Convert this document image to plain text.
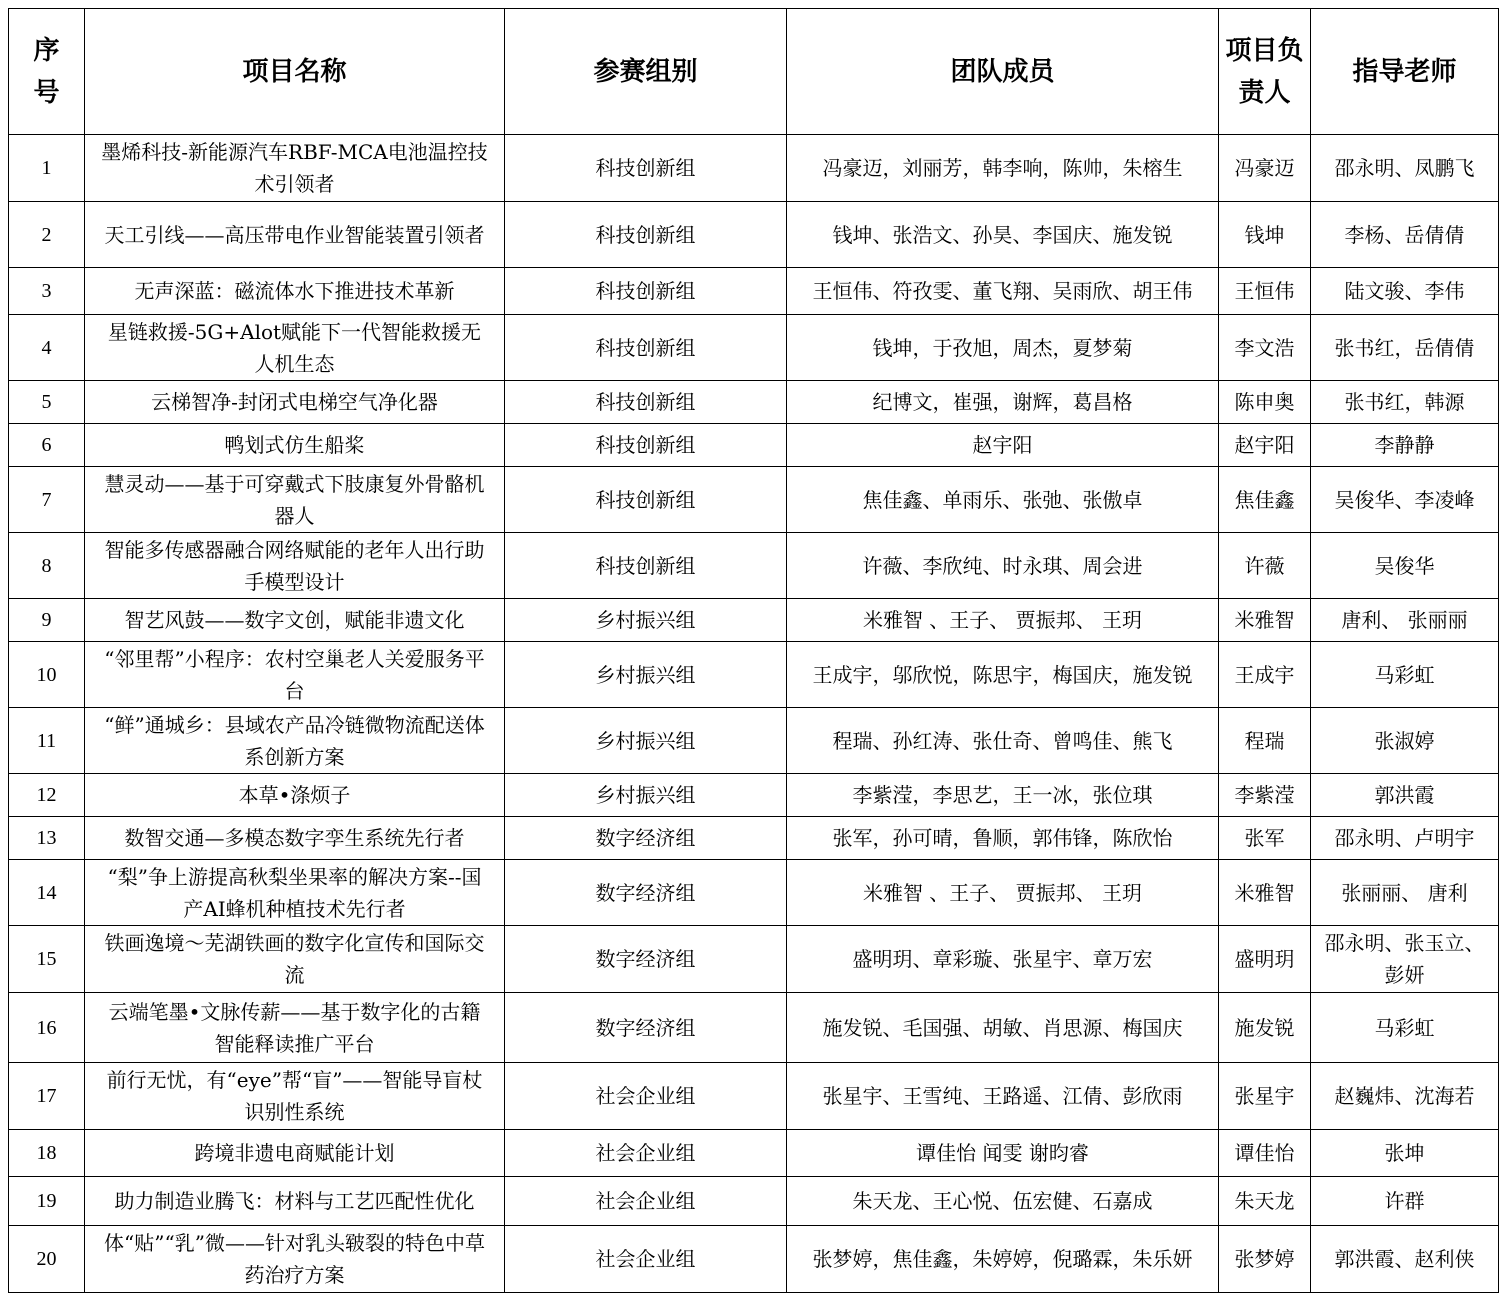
序号	项目名称	参赛组别	团队成员	项目负责人	指导老师
1	墨烯科技-新能源汽车RBF-MCA电池温控技术引领者	科技创新组	冯豪迈，刘丽芳，韩李响，陈帅，朱榕生	冯豪迈	邵永明、凤鹏飞
2	天工引线——高压带电作业智能装置引领者	科技创新组	钱坤、张浩文、孙昊、李国庆、施发锐	钱坤	李杨、岳倩倩
3	无声深蓝：磁流体水下推进技术革新	科技创新组	王恒伟、符孜雯、董飞翔、吴雨欣、胡王伟	王恒伟	陆文骏、李伟
4	星链救援-5G+Alot赋能下一代智能救援无人机生态	科技创新组	钱坤，于孜旭，周杰，夏梦菊	李文浩	张书红，岳倩倩
5	云梯智净-封闭式电梯空气净化器	科技创新组	纪博文，崔强，谢辉，葛昌格	陈申奥	张书红，韩源
6	鸭划式仿生船桨	科技创新组	赵宇阳	赵宇阳	李静静
7	慧灵动——基于可穿戴式下肢康复外骨骼机器人	科技创新组	焦佳鑫、单雨乐、张弛、张傲卓	焦佳鑫	吴俊华、李凌峰
8	智能多传感器融合网络赋能的老年人出行助手模型设计	科技创新组	许薇、李欣纯、时永琪、周会进	许薇	吴俊华
9	智艺风鼓——数字文创，赋能非遗文化	乡村振兴组	米雅智 、王子、 贾振邦、 王玥	米雅智	唐利、 张丽丽
10	“邻里帮”小程序：农村空巢老人关爱服务平台	乡村振兴组	王成宇，邬欣悦，陈思宇，梅国庆，施发锐	王成宇	马彩虹
11	“鲜”通城乡：县域农产品冷链微物流配送体系创新方案	乡村振兴组	程瑞、孙红涛、张仕奇、曾鸣佳、熊飞	程瑞	张淑婷
12	本草•涤烦子	乡村振兴组	李紫滢，李思艺，王一冰，张位琪	李紫滢	郭洪霞
13	数智交通—多模态数字孪生系统先行者	数字经济组	张军，孙可晴，鲁顺，郭伟锋，陈欣怡	张军	邵永明、卢明宇
14	“梨”争上游提高秋梨坐果率的解决方案--国产AI蜂机种植技术先行者	数字经济组	米雅智 、王子、 贾振邦、 王玥	米雅智	张丽丽、 唐利
15	铁画逸境～芜湖铁画的数字化宣传和国际交流	数字经济组	盛明玥、章彩璇、张星宇、章万宏	盛明玥	邵永明、张玉立、彭妍
16	云端笔墨•文脉传薪——基于数字化的古籍智能释读推广平台	数字经济组	施发锐、毛国强、胡敏、肖思源、梅国庆	施发锐	马彩虹
17	前行无忧，有“eye”帮“盲”——智能导盲杖识别性系统	社会企业组	张星宇、王雪纯、王路遥、江倩、彭欣雨	张星宇	赵巍炜、沈海若
18	跨境非遗电商赋能计划	社会企业组	谭佳怡 闻雯 谢昀睿	谭佳怡	张坤
19	助力制造业腾飞：材料与工艺匹配性优化	社会企业组	朱天龙、王心悦、伍宏健、石嘉成	朱天龙	许群
20	体“贴”“乳”微——针对乳头皲裂的特色中草药治疗方案	社会企业组	张梦婷，焦佳鑫，朱婷婷，倪璐霖，朱乐妍	张梦婷	郭洪霞、赵利侠
